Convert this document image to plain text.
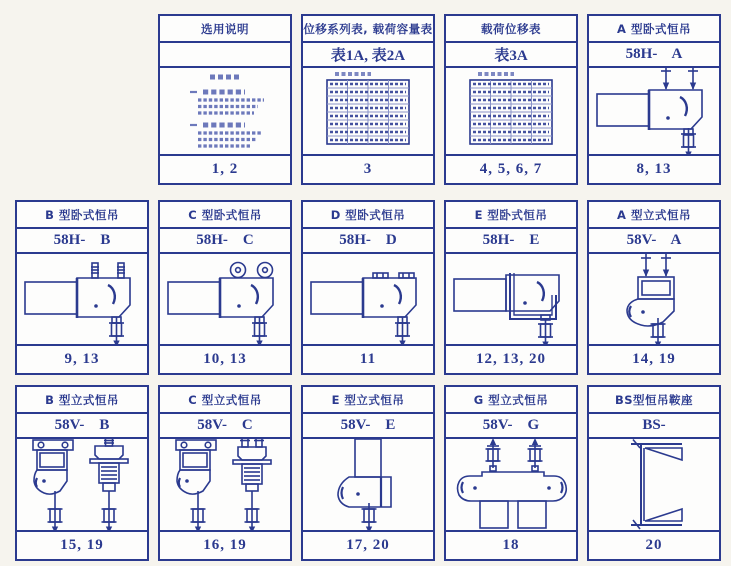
选用说明
1, 2
位移系列表, 载荷容量表
表1A, 表2A
3
载荷位移表
表3A
4, 5, 6, 7
A 型卧式恒吊
58H-    A
8, 13
B 型卧式恒吊
58H-    B
9, 13
C 型卧式恒吊
58H-    C
10, 13
D 型卧式恒吊
58H-    D
11
E 型卧式恒吊
58H-    E
12, 13, 20
A 型立式恒吊
58V-    A
14, 19
B 型立式恒吊
58V-    B
15, 19
C 型立式恒吊
58V-    C
16, 19
E 型立式恒吊
58V-    E
17, 20
G 型立式恒吊
58V-    G
18
BS型恒吊鞍座
BS-
20
